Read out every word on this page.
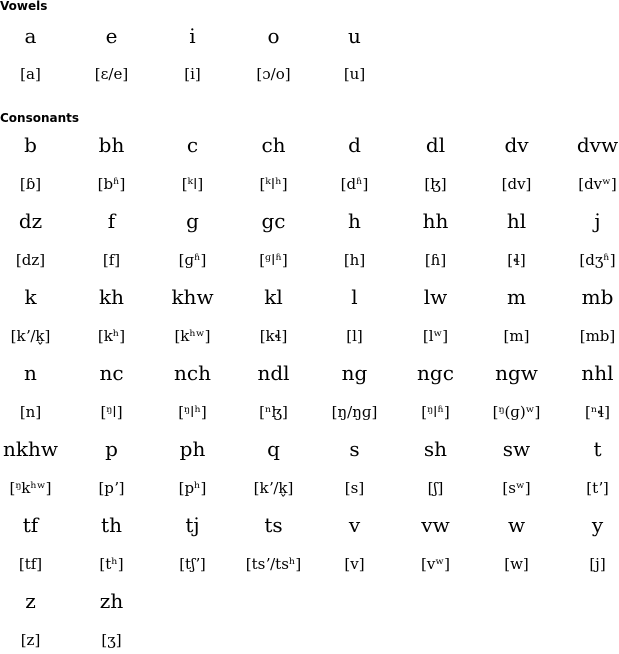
Vowels
Consonants
a	e	i	o	u
[a]	[ɛ/e]	[i]	[ɔ/o]	[u]
b	bh	c	ch	d	dl	dv	dvw
[ɓ]	[bʱ]	[ᵏǀ]	[ᵏǀʰ]	[dʱ]	[ɮ]	[dv]	[dvʷ]
dz	f	g	gc	h	hh	hl	j
[dz]	[f]	[ɡʱ]	[ᶢǀʱ]	[h]	[ɦ]	[ɬ]	[dʒʱ]
k	kh	khw	kl	l	lw	m	mb
[kʼ/k̬]	[kʰ]	[kʰʷ]	[kɬ]	[l]	[lʷ]	[m]	[mb]
n	nc	nch	ndl	ng	ngc	ngw	nhl
[n]	[ᵑǀ]	[ᵑǀʰ]	[ⁿɮ]	[ŋ/ŋɡ]	[ᵑǀʱ]	[ᵑ(ɡ)ʷ]	[ⁿɬ]
nkhw	p	ph	q	s	sh	sw	t
[ᵑkʰʷ]	[pʼ]	[pʰ]	[kʼ/k̬]	[s]	[ʃ]	[sʷ]	[tʼ]
tf	th	tj	ts	v	vw	w	y
[tf]	[tʰ]	[tʃʼ]	[tsʼ/tsʰ]	[v]	[vʷ]	[w]	[j]
z	zh
[z]	[ʒ]
